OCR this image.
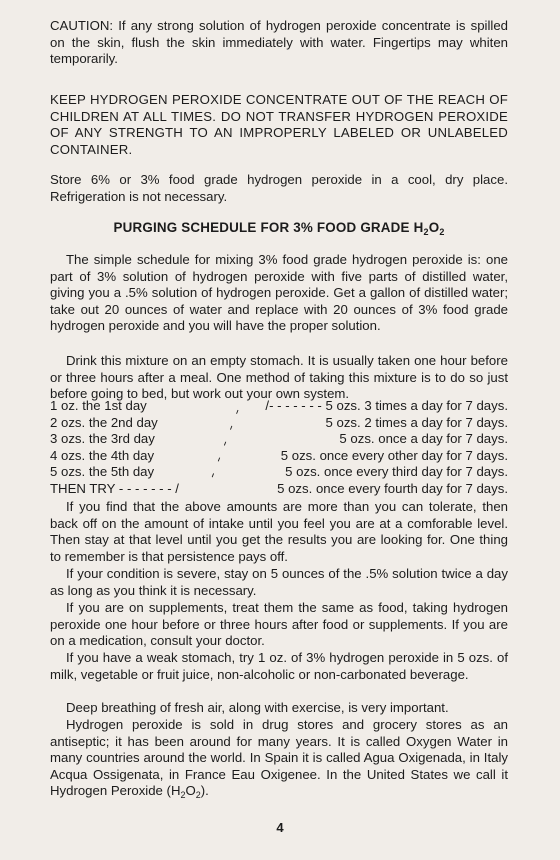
CAUTION: If any strong solution of hydrogen peroxide concentrate is spilled on the skin, flush the skin immediately with water. Fingertips may whiten temporarily.

KEEP HYDROGEN PEROXIDE CONCENTRATE OUT OF THE REACH OF CHILDREN AT ALL TIMES. DO NOT TRANSFER HYDROGEN PEROXIDE OF ANY STRENGTH TO AN IMPROPERLY LABELED OR UNLABELED CONTAINER.

Store 6% or 3% food grade hydrogen peroxide in a cool, dry place. Refrigeration is not necessary.

PURGING SCHEDULE FOR 3% FOOD GRADE $H_2O_2$

The simple schedule for mixing 3% food grade hydrogen peroxide is: one part of 3% solution of hydrogen peroxide with five parts of distilled water, giving you a .5% solution of hydrogen peroxide. Get a gallon of distilled water; take out 20 ounces of water and replace with 20 ounces of 3% food grade hydrogen peroxide and you will have the proper solution.

Drink this mixture on an empty stomach. It is usually taken one hour before or three hours after a meal. One method of taking this mixture is to do so just before going to bed, but work out your own system.

1 oz. the 1st day
2 ozs. the 2nd day
3 ozs. the 3rd day
4 ozs. the 4th day
5 ozs. the 5th day
THEN TRY - - - - - - - /
/- - - - - - - 5 ozs. 3 times a day for 7 days.
5 ozs. 2 times a day for 7 days.
5 ozs. once a day for 7 days.
5 ozs. once every other day for 7 days.
5 ozs. once every third day for 7 days.
5 ozs. once every fourth day for 7 days.

If you find that the above amounts are more than you can tolerate, then back off on the amount of intake until you feel you are at a comforable level. Then stay at that level until you get the results you are looking for. One thing to remember is that persistence pays off.

If your condition is severe, stay on 5 ounces of the .5% solution twice a day as long as you think it is necessary.

If you are on supplements, treat them the same as food, taking hydrogen peroxide one hour before or three hours after food or supplements. If you are on a medication, consult your doctor.

If you have a weak stomach, try 1 oz. of 3% hydrogen peroxide in 5 ozs. of milk, vegetable or fruit juice, non-alcoholic or non-carbonated beverage.

Deep breathing of fresh air, along with exercise, is very important.

Hydrogen peroxide is sold in drug stores and grocery stores as an antiseptic; it has been around for many years. It is called Oxygen Water in many countries around the world. In Spain it is called Agua Oxigenada, in Italy Acqua Ossigenata, in France Eau Oxigenee. In the United States we call it Hydrogen Peroxide $(H_2O_2)$.

4
